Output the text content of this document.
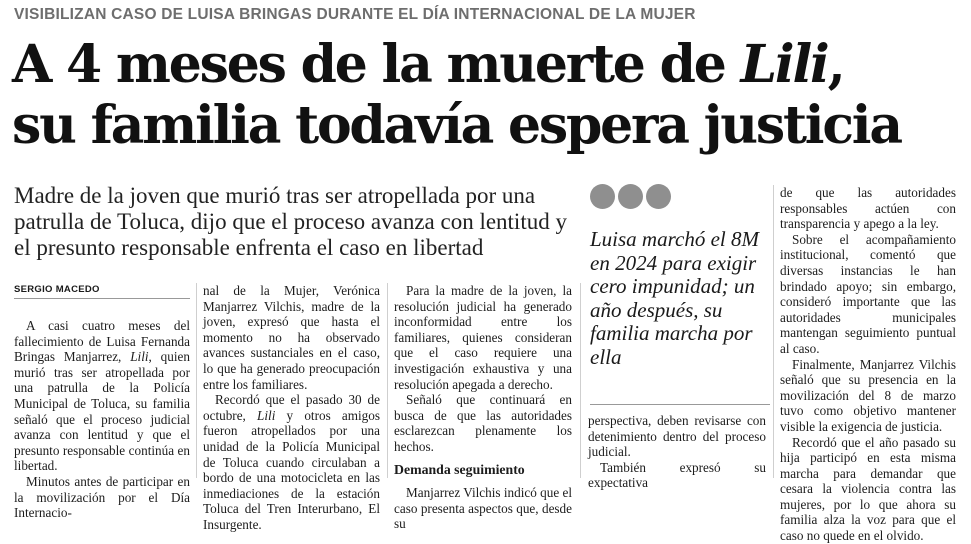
VISIBILIZAN CASO DE LUISA BRINGAS DURANTE EL DÍA INTERNACIONAL DE LA MUJER
A 4 meses de la muerte de Lili,
su familia todavía espera justicia
Madre de la joven que murió tras ser atropellada por una patrulla de Toluca, dijo que el proceso avanza con lentitud y el presunto responsable enfrenta el caso en libertad
SERGIO MACEDO

A casi cuatro meses del fallecimiento de Luisa Fernanda Bringas Manjarrez, Lili, quien murió tras ser atropellada por una patrulla de la Policía Municipal de Toluca, su familia señaló que el proceso judicial avanza con lentitud y que el presunto responsable continúa en libertad.

Minutos antes de participar en la movilización por el Día Internacio-

nal de la Mujer, Verónica Manjarrez Vilchis, madre de la joven, expresó que hasta el momento no ha observado avances sustanciales en el caso, lo que ha generado preocupación entre los familiares.

Recordó que el pasado 30 de octubre, Lili y otros amigos fueron atropellados por una unidad de la Policía Municipal de Toluca cuando circulaban a bordo de una motocicleta en las inmediaciones de la estación Toluca del Tren Interurbano, El Insurgente.

Para la madre de la joven, la resolución judicial ha generado inconformidad entre los familiares, quienes consideran que el caso requiere una investigación exhaustiva y una resolución apegada a derecho.

Señaló que continuará en busca de que las autoridades esclarezcan plenamente los hechos.

Demanda seguimiento

Manjarrez Vilchis indicó que el caso presenta aspectos que, desde su

Luisa marchó el 8M en 2024 para exigir cero impunidad; un año después, su familia marcha por ella

perspectiva, deben revisarse con detenimiento dentro del proceso judicial.

También expresó su expectativa

de que las autoridades responsables actúen con transparencia y apego a la ley.

Sobre el acompañamiento institucional, comentó que diversas instancias le han brindado apoyo; sin embargo, consideró importante que las autoridades municipales mantengan seguimiento puntual al caso.

Finalmente, Manjarrez Vilchis señaló que su presencia en la movilización del 8 de marzo tuvo como objetivo mantener visible la exigencia de justicia.

Recordó que el año pasado su hija participó en esta misma marcha para demandar que cesara la violencia contra las mujeres, por lo que ahora su familia alza la voz para que el caso no quede en el olvido.
